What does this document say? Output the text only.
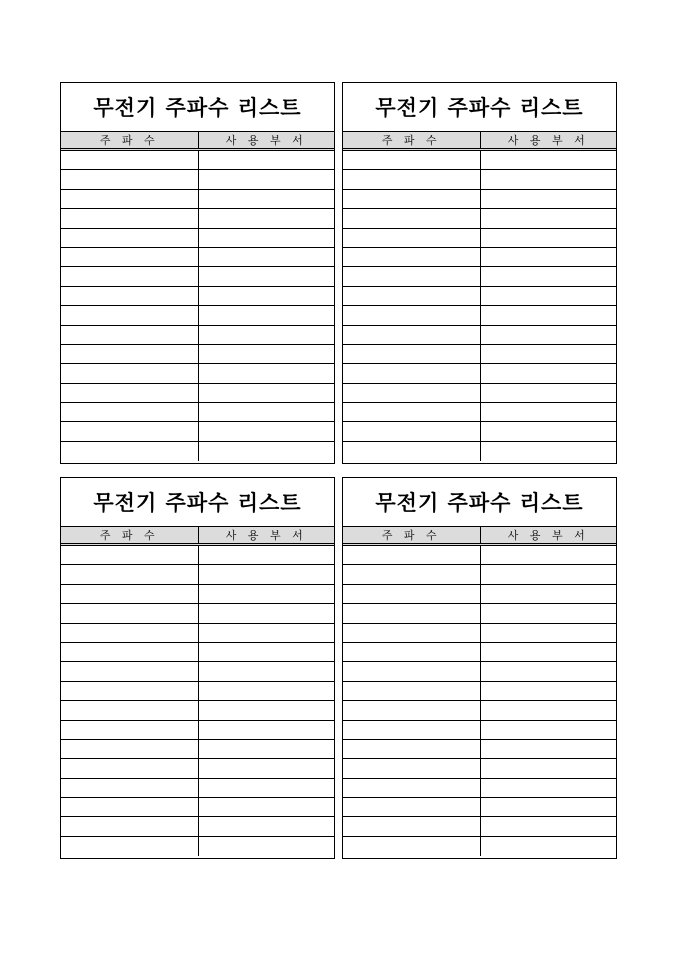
무전기 주파수 리스트
주 파 수	사 용 부 서
무전기 주파수 리스트
주 파 수	사 용 부 서
무전기 주파수 리스트
주 파 수	사 용 부 서
무전기 주파수 리스트
주 파 수	사 용 부 서
